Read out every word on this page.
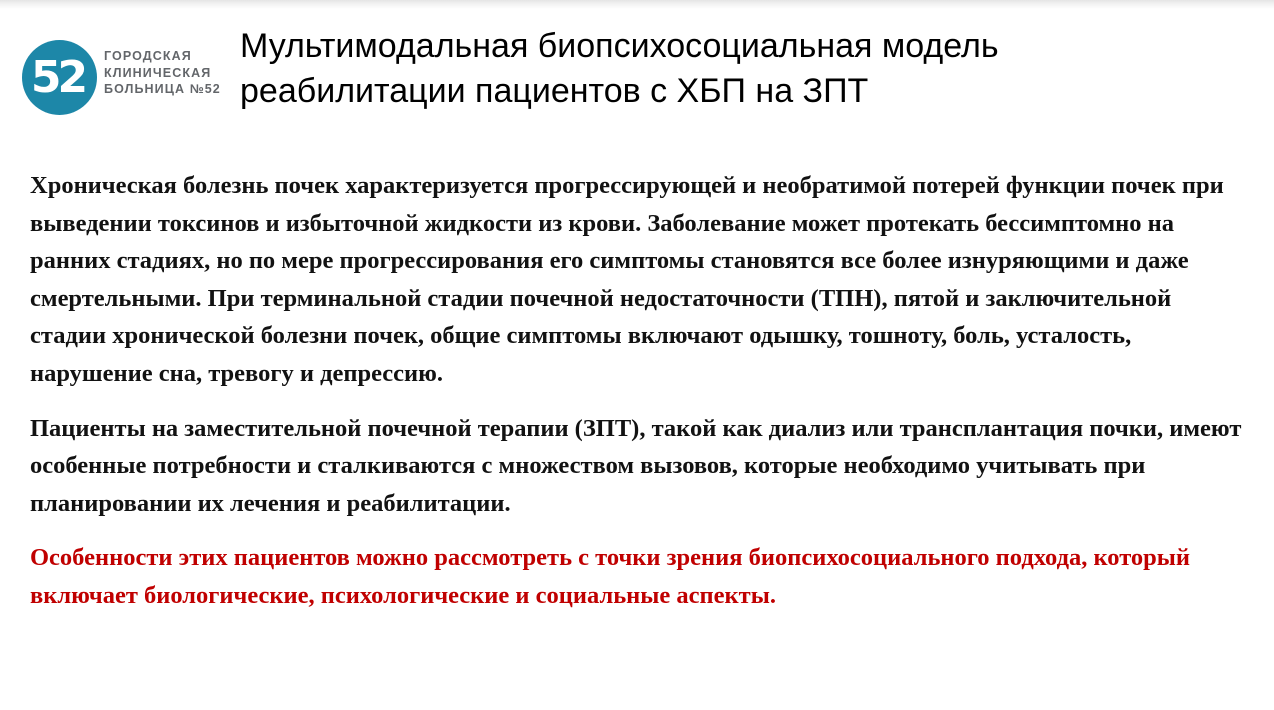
52 ГОРОДСКАЯ
КЛИНИЧЕСКАЯ
БОЛЬНИЦА №52
Мультимодальная биопсихосоциальная модель реабилитации пациентов с ХБП на ЗПТ

Хроническая болезнь почек характеризуется прогрессирующей и необратимой потерей функции почек при выведении токсинов и избыточной жидкости из крови. Заболевание может протекать бессимптомно на ранних стадиях, но по мере прогрессирования его симптомы становятся все более изнуряющими и даже смертельными. При терминальной стадии почечной недостаточности (ТПН), пятой и заключительной стадии хронической болезни почек, общие симптомы включают одышку, тошноту, боль, усталость, нарушение сна, тревогу и депрессию.

Пациенты на заместительной почечной терапии (ЗПТ), такой как диализ или трансплантация почки, имеют особенные потребности и сталкиваются с множеством вызовов, которые необходимо учитывать при планировании их лечения и реабилитации.

Особенности этих пациентов можно рассмотреть с точки зрения биопсихосоциального подхода, который включает биологические, психологические и социальные аспекты.
